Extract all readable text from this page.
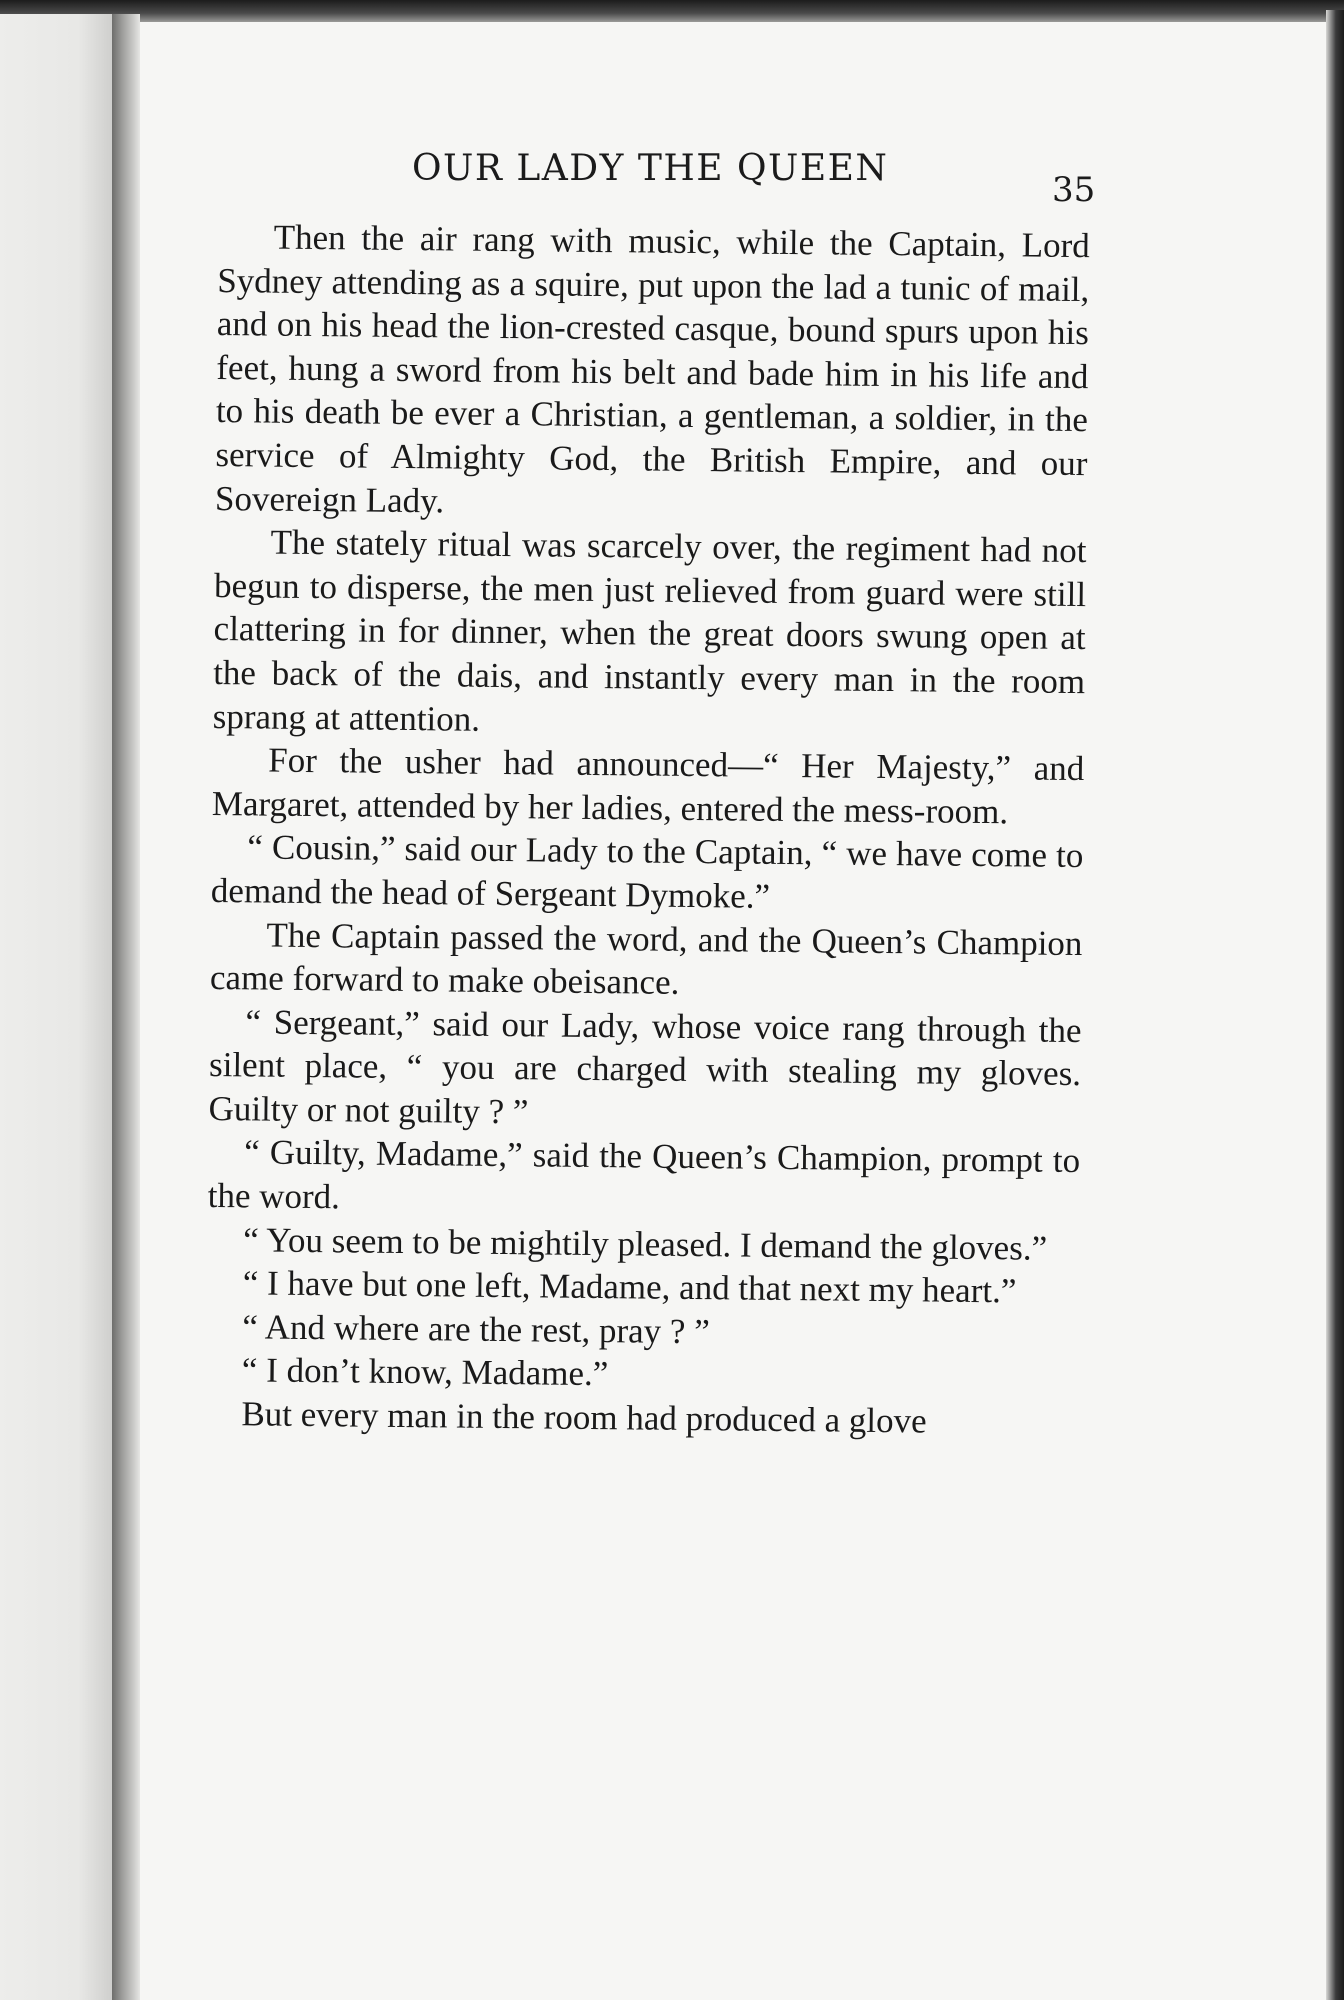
OUR LADY THE QUEEN
35

Then the air rang with music, while the Captain, Lord Sydney attending as a squire, put upon the lad a tunic of mail, and on his head the lion-crested casque, bound spurs upon his feet, hung a sword from his belt and bade him in his life and to his death be ever a Christian, a gentleman, a soldier, in the service of Almighty God, the British Empire, and our Sovereign Lady.

The stately ritual was scarcely over, the regiment had not begun to disperse, the men just relieved from guard were still clattering in for dinner, when the great doors swung open at the back of the dais, and instantly every man in the room sprang at attention.

For the usher had announced—“ Her Majesty,” and Margaret, attended by her ladies, entered the mess-room.

“ Cousin,” said our Lady to the Captain, “ we have come to demand the head of Sergeant Dymoke.”

The Captain passed the word, and the Queen’s Champion came forward to make obeisance.

“ Sergeant,” said our Lady, whose voice rang through the silent place, “ you are charged with stealing my gloves. Guilty or not guilty ? ”

“ Guilty, Madame,” said the Queen’s Champion, prompt to the word.

“ You seem to be mightily pleased. I demand the gloves.”

“ I have but one left, Madame, and that next my heart.”

“ And where are the rest, pray ? ”

“ I don’t know, Madame.”

But every man in the room had produced a glove
